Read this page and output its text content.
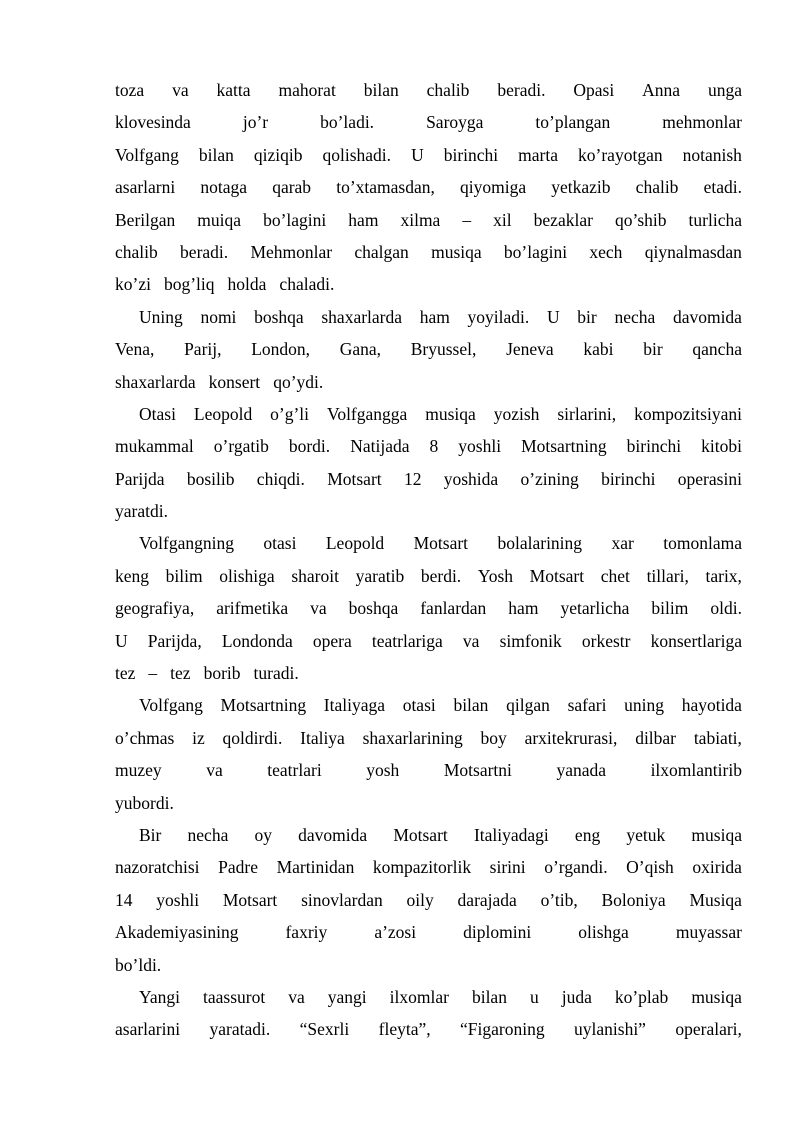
toza va katta mahorat bilan chalib beradi. Opasi Anna unga
klovesinda	jo’r	bo’ladi.	Saroyga	to’plangan	mehmonlar
Volfgang bilan qiziqib qolishadi. U birinchi marta ko’rayotgan notanish
asarlarni notaga qarab to’xtamasdan, qiyomiga yetkazib chalib etadi.
Berilgan muiqa bo’lagini ham xilma – xil bezaklar qo’shib turlicha
chalib beradi. Mehmonlar chalgan musiqa bo’lagini xech qiynalmasdan
ko’zi bog’liq holda chaladi.
Uning nomi boshqa shaxarlarda ham yoyiladi. U bir necha davomida
Vena, Parij, London, Gana, Bryussel, Jeneva kabi bir qancha
shaxarlarda konsert qo’ydi.
Otasi Leopold o’g’li Volfgangga musiqa yozish sirlarini, kompozitsiyani
mukammal o’rgatib bordi. Natijada 8 yoshli Motsartning birinchi kitobi
Parijda bosilib chiqdi. Motsart 12 yoshida o’zining birinchi operasini
yaratdi.
Volfgangning otasi Leopold Motsart bolalarining xar tomonlama
keng bilim olishiga sharoit yaratib berdi. Yosh Motsart chet tillari, tarix,
geografiya, arifmetika va boshqa fanlardan ham yetarlicha bilim oldi.
U Parijda, Londonda opera teatrlariga va simfonik orkestr konsertlariga
tez – tez borib turadi.
Volfgang Motsartning Italiyaga otasi bilan qilgan safari uning hayotida
o’chmas iz qoldirdi. Italiya shaxarlarining boy arxitekrurasi, dilbar tabiati,
muzey	va	teatrlari	yosh	Motsartni	yanada	ilxomlantirib
yubordi.
Bir necha oy davomida Motsart Italiyadagi eng yetuk musiqa
nazoratchisi Padre Martinidan kompazitorlik sirini o’rgandi. O’qish oxirida
14 yoshli Motsart sinovlardan oily darajada o’tib, Boloniya Musiqa
Akademiyasining	faxriy	a’zosi	diplomini	olishga	muyassar
bo’ldi.
Yangi taassurot va yangi ilxomlar bilan u juda ko’plab musiqa
asarlarini yaratadi. “Sexrli fleyta”, “Figaroning uylanishi” operalari,
